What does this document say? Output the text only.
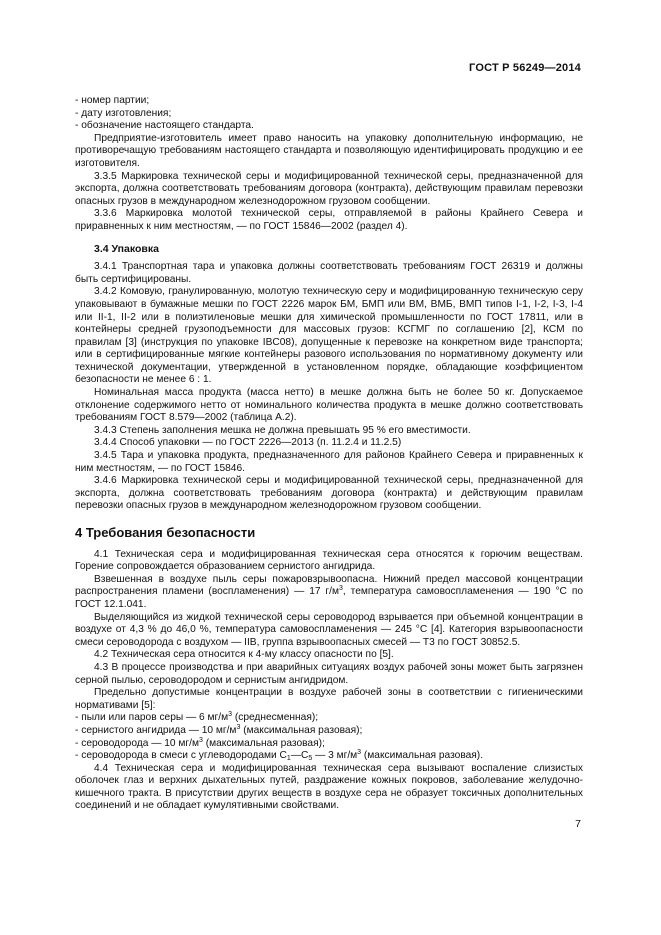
ГОСТ Р 56249—2014

- номер партии;

- дату изготовления;

- обозначение настоящего стандарта.

Предприятие-изготовитель имеет право наносить на упаковку дополнительную информацию, не противоречащую требованиям настоящего стандарта и позволяющую идентифицировать продукцию и ее изготовителя.

3.3.5 Маркировка технической серы и модифицированной технической серы, предназначенной для экспорта, должна соответствовать требованиям договора (контракта), действующим правилам перевозки опасных грузов в международном железнодорожном грузовом сообщении.

3.3.6 Маркировка молотой технической серы, отправляемой в районы Крайнего Севера и приравненных к ним местностям, — по ГОСТ 15846—2002 (раздел 4).

3.4 Упаковка

3.4.1 Транспортная тара и упаковка должны соответствовать требованиям ГОСТ 26319 и должны быть сертифицированы.

3.4.2 Комовую, гранулированную, молотую техническую серу и модифицированную техническую серу упаковывают в бумажные мешки по ГОСТ 2226 марок БМ, БМП или ВМ, ВМБ, ВМП типов I-1, I-2, I-3, I-4 или II-1, II-2 или в полиэтиленовые мешки для химической промышленности по ГОСТ 17811, или в контейнеры средней грузоподъемности для массовых грузов: КСГМГ по соглашению [2], КСМ по правилам [3] (инструкция по упаковке IBC08), допущенные к перевозке на конкретном виде транспорта; или в сертифицированные мягкие контейнеры разового использования по нормативному документу или технической документации, утвержденной в установленном порядке, обладающие коэффициентом безопасности не менее 6 : 1.

Номинальная масса продукта (масса нетто) в мешке должна быть не более 50 кг. Допускаемое отклонение содержимого нетто от номинального количества продукта в мешке должно соответствовать требованиям ГОСТ 8.579—2002 (таблица А.2).

3.4.3 Степень заполнения мешка не должна превышать 95 % его вместимости.

3.4.4 Способ упаковки — по ГОСТ 2226—2013 (п. 11.2.4 и 11.2.5)

3.4.5 Тара и упаковка продукта, предназначенного для районов Крайнего Севера и приравненных к ним местностям, — по ГОСТ 15846.

3.4.6 Маркировка технической серы и модифицированной технической серы, предназначенной для экспорта, должна соответствовать требованиям договора (контракта) и действующим правилам перевозки опасных грузов в международном железнодорожном грузовом сообщении.

4 Требования безопасности

4.1 Техническая сера и модифицированная техническая сера относятся к горючим веществам. Горение сопровождается образованием сернистого ангидрида.

Взвешенная в воздухе пыль серы пожаровзрывоопасна. Нижний предел массовой концентрации распространения пламени (воспламенения) — 17 $г/м^3$, температура самовоспламенения — 190 °С по ГОСТ 12.1.041.

Выделяющийся из жидкой технической серы сероводород взрывается при объемной концентрации в воздухе от 4,3 % до 46,0 %, температура самовоспламенения — 245 °С [4]. Категория взрывоопасности смеси сероводорода с воздухом — IIВ, группа взрывоопасных смесей — Т3 по ГОСТ 30852.5.

4.2 Техническая сера относится к 4-му классу опасности по [5].

4.3 В процессе производства и при аварийных ситуациях воздух рабочей зоны может быть загрязнен серной пылью, сероводородом и сернистым ангидридом.

Предельно допустимые концентрации в воздухе рабочей зоны в соответствии с гигиеническими нормативами [5]:

- пыли или паров серы — 6 $мг/м^3$ (среднесменная);

- сернистого ангидрида — 10 $мг/м^3$ (максимальная разовая);

- сероводорода — 10 $мг/м^3$ (максимальная разовая);

- сероводорода в смеси с углеводородами $С_1—С_5$ — 3 $мг/м^3$ (максимальная разовая).

4.4 Техническая сера и модифицированная техническая сера вызывают воспаление слизистых оболочек глаз и верхних дыхательных путей, раздражение кожных покровов, заболевание желудочно-кишечного тракта. В присутствии других веществ в воздухе сера не образует токсичных дополнительных соединений и не обладает кумулятивными свойствами.

7
